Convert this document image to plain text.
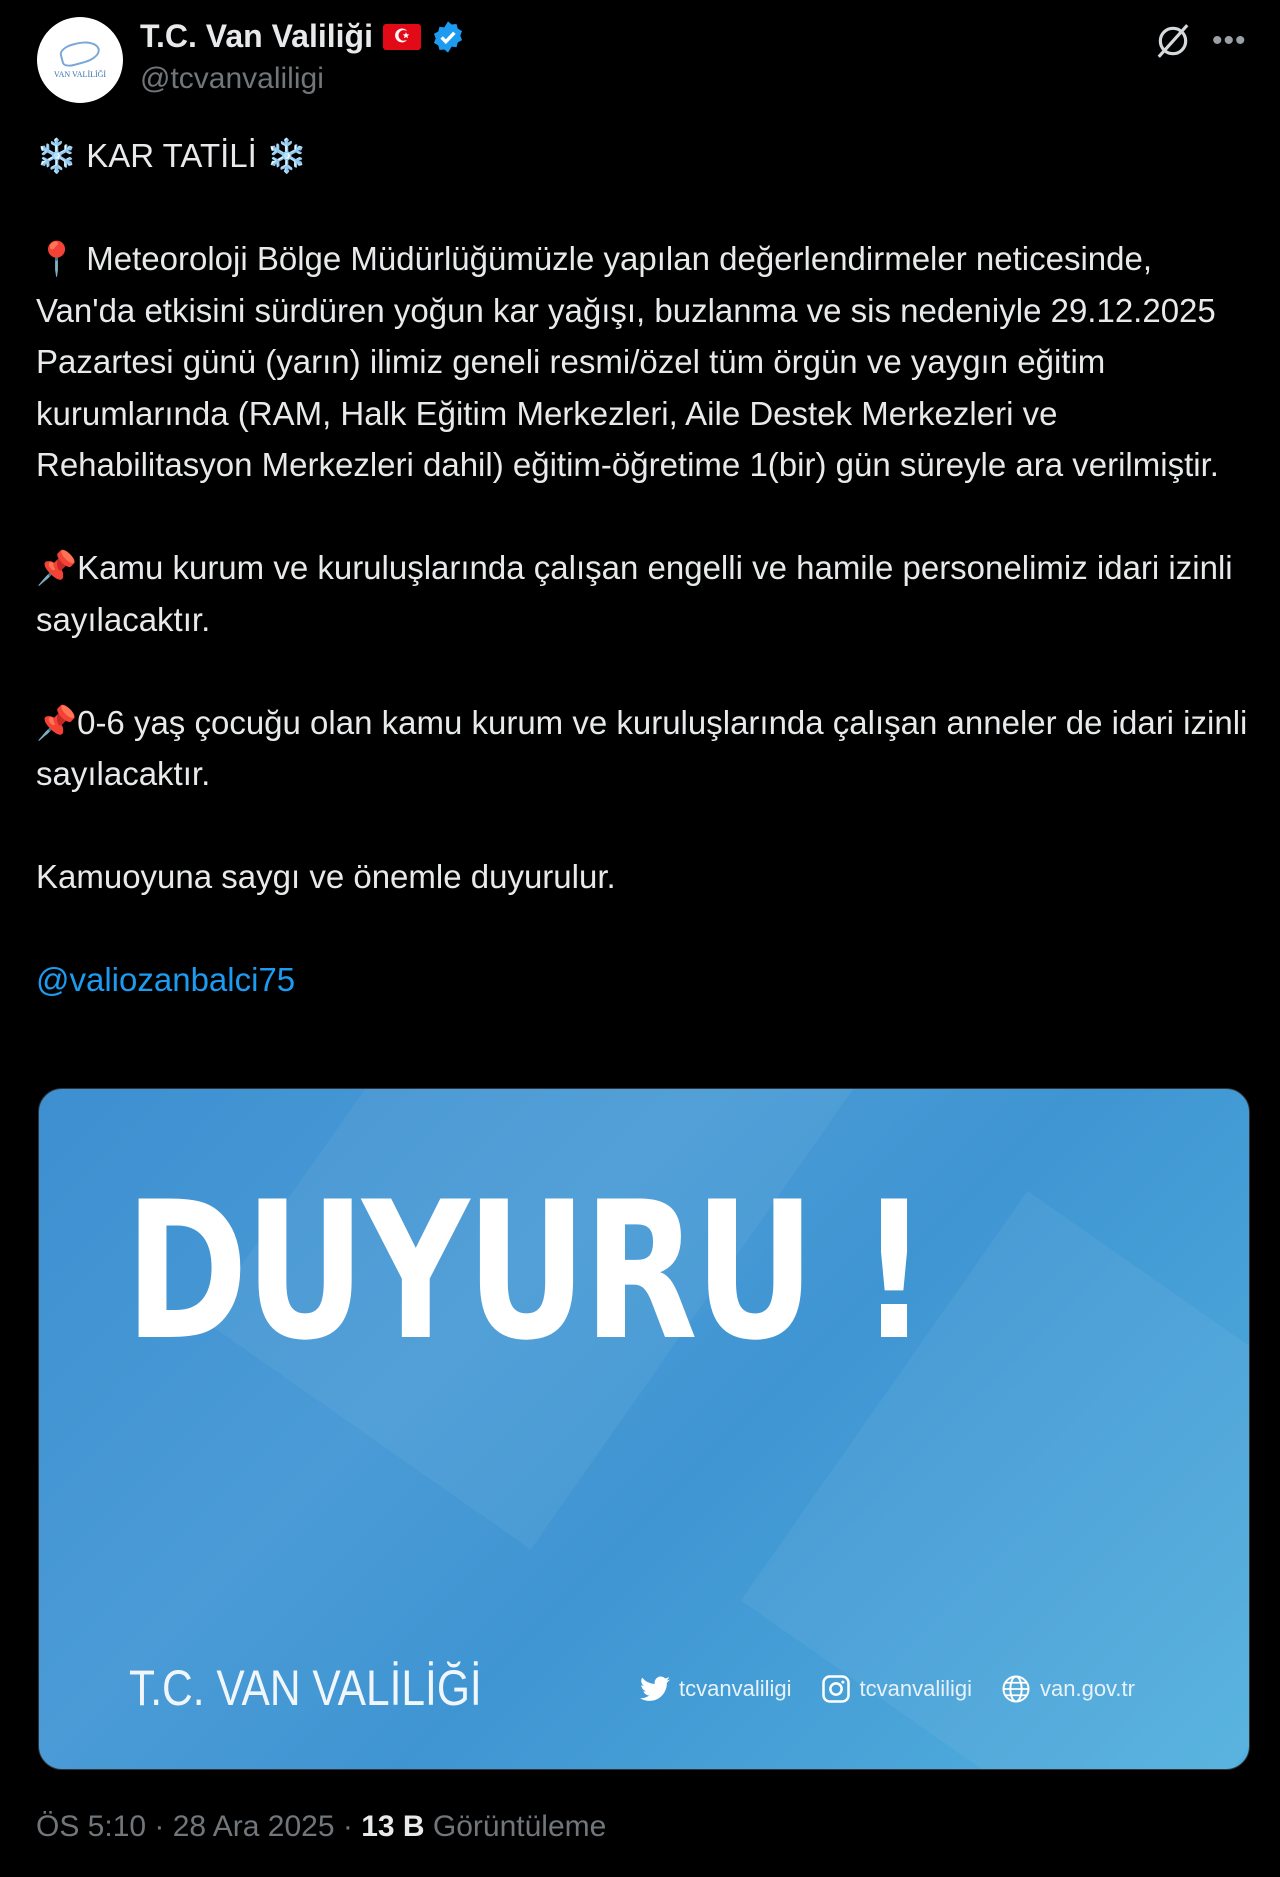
VAN VALİLİĞİ
T.C. Van Valiliği	☪
@tcvanvaliligi
•••
❄️ KAR TATİLİ ❄️

📍 Meteoroloji Bölge Müdürlüğümüzle yapılan değerlendirmeler neticesinde, Van'da etkisini sürdüren yoğun kar yağışı, buzlanma ve sis nedeniyle 29.12.2025 Pazartesi günü (yarın) ilimiz geneli resmi/özel tüm örgün ve yaygın eğitim kurumlarında (RAM, Halk Eğitim Merkezleri, Aile Destek Merkezleri ve Rehabilitasyon Merkezleri dahil) eğitim-öğretime 1(bir) gün süreyle ara verilmiştir.

📌Kamu kurum ve kuruluşlarında çalışan engelli ve hamile personelimiz idari izinli sayılacaktır.

📌0-6 yaş çocuğu olan kamu kurum ve kuruluşlarında çalışan anneler de idari izinli sayılacaktır.

Kamuoyuna saygı ve önemle duyurulur.

@valiozanbalci75
DUYURU !
T.C. VAN VALİLİĞİ	tcvanvaliligi	tcvanvaliligi	van.gov.tr
ÖS 5:10 · 28 Ara 2025 · 13 B Görüntüleme
